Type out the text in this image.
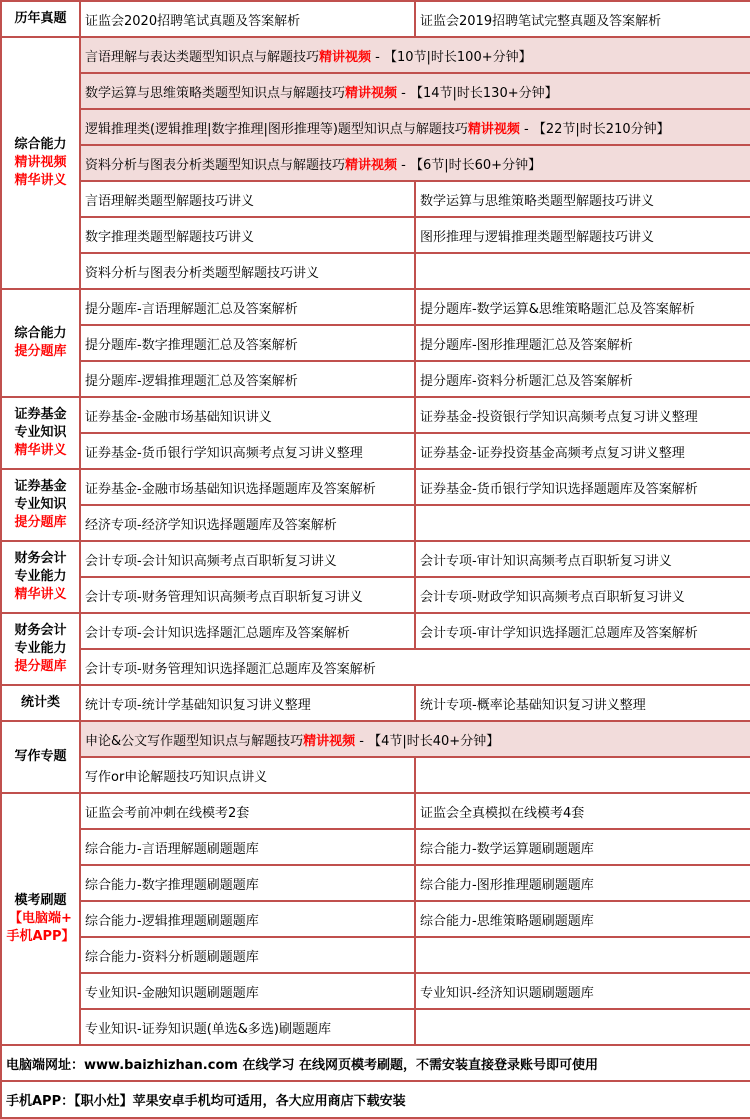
历年真题	证监会2020招聘笔试真题及答案解析	证监会2019招聘笔试完整真题及答案解析

综合能力
精讲视频
精华讲义	言语理解与表达类题型知识点与解题技巧精讲视频 - 【10节|时长100+分钟】	
	数学运算与思维策略类题型知识点与解题技巧精讲视频 - 【14节|时长130+分钟】	
	逻辑推理类(逻辑推理|数字推理|图形推理等)题型知识点与解题技巧精讲视频 - 【22节|时长210分钟】	
	资料分析与图表分析类题型知识点与解题技巧精讲视频 - 【6节|时长60+分钟】	
	言语理解类题型解题技巧讲义	数学运算与思维策略类题型解题技巧讲义
	数字推理类题型解题技巧讲义	图形推理与逻辑推理类题型解题技巧讲义
	资料分析与图表分析类题型解题技巧讲义	

综合能力
提分题库	提分题库-言语理解题汇总及答案解析	提分题库-数学运算&思维策略题汇总及答案解析
	提分题库-数字推理题汇总及答案解析	提分题库-图形推理题汇总及答案解析
	提分题库-逻辑推理题汇总及答案解析	提分题库-资料分析题汇总及答案解析

证券基金
专业知识
精华讲义	证券基金-金融市场基础知识讲义	证券基金-投资银行学知识高频考点复习讲义整理
	证券基金-货币银行学知识高频考点复习讲义整理	证券基金-证券投资基金高频考点复习讲义整理

证券基金
专业知识
提分题库	证券基金-金融市场基础知识选择题题库及答案解析	证券基金-货币银行学知识选择题题库及答案解析
	经济专项-经济学知识选择题题库及答案解析	

财务会计
专业能力
精华讲义	会计专项-会计知识高频考点百职斩复习讲义	会计专项-审计知识高频考点百职斩复习讲义
	会计专项-财务管理知识高频考点百职斩复习讲义	会计专项-财政学知识高频考点百职斩复习讲义

财务会计
专业能力
提分题库	会计专项-会计知识选择题汇总题库及答案解析	会计专项-审计学知识选择题汇总题库及答案解析
	会计专项-财务管理知识选择题汇总题库及答案解析	
统计类	统计专项-统计学基础知识复习讲义整理	统计专项-概率论基础知识复习讲义整理
写作专题	申论&公文写作题型知识点与解题技巧精讲视频 - 【4节|时长40+分钟】	
	写作or申论解题技巧知识点讲义	

模考刷题
【电脑端+
手机APP】	证监会考前冲刺在线模考2套	证监会全真模拟在线模考4套
	综合能力-言语理解题刷题题库	综合能力-数学运算题刷题题库
	综合能力-数字推理题刷题题库	综合能力-图形推理题刷题题库
	综合能力-逻辑推理题刷题题库	综合能力-思维策略题刷题题库
	综合能力-资料分析题刷题题库	
	专业知识-金融知识题刷题题库	专业知识-经济知识题刷题题库
	专业知识-证券知识题(单选&多选)刷题题库	
电脑端网址：www.baizhizhan.com 在线学习 在线网页模考刷题，不需安装直接登录账号即可使用		
手机APP：【职小灶】苹果安卓手机均可适用，各大应用商店下载安装		
